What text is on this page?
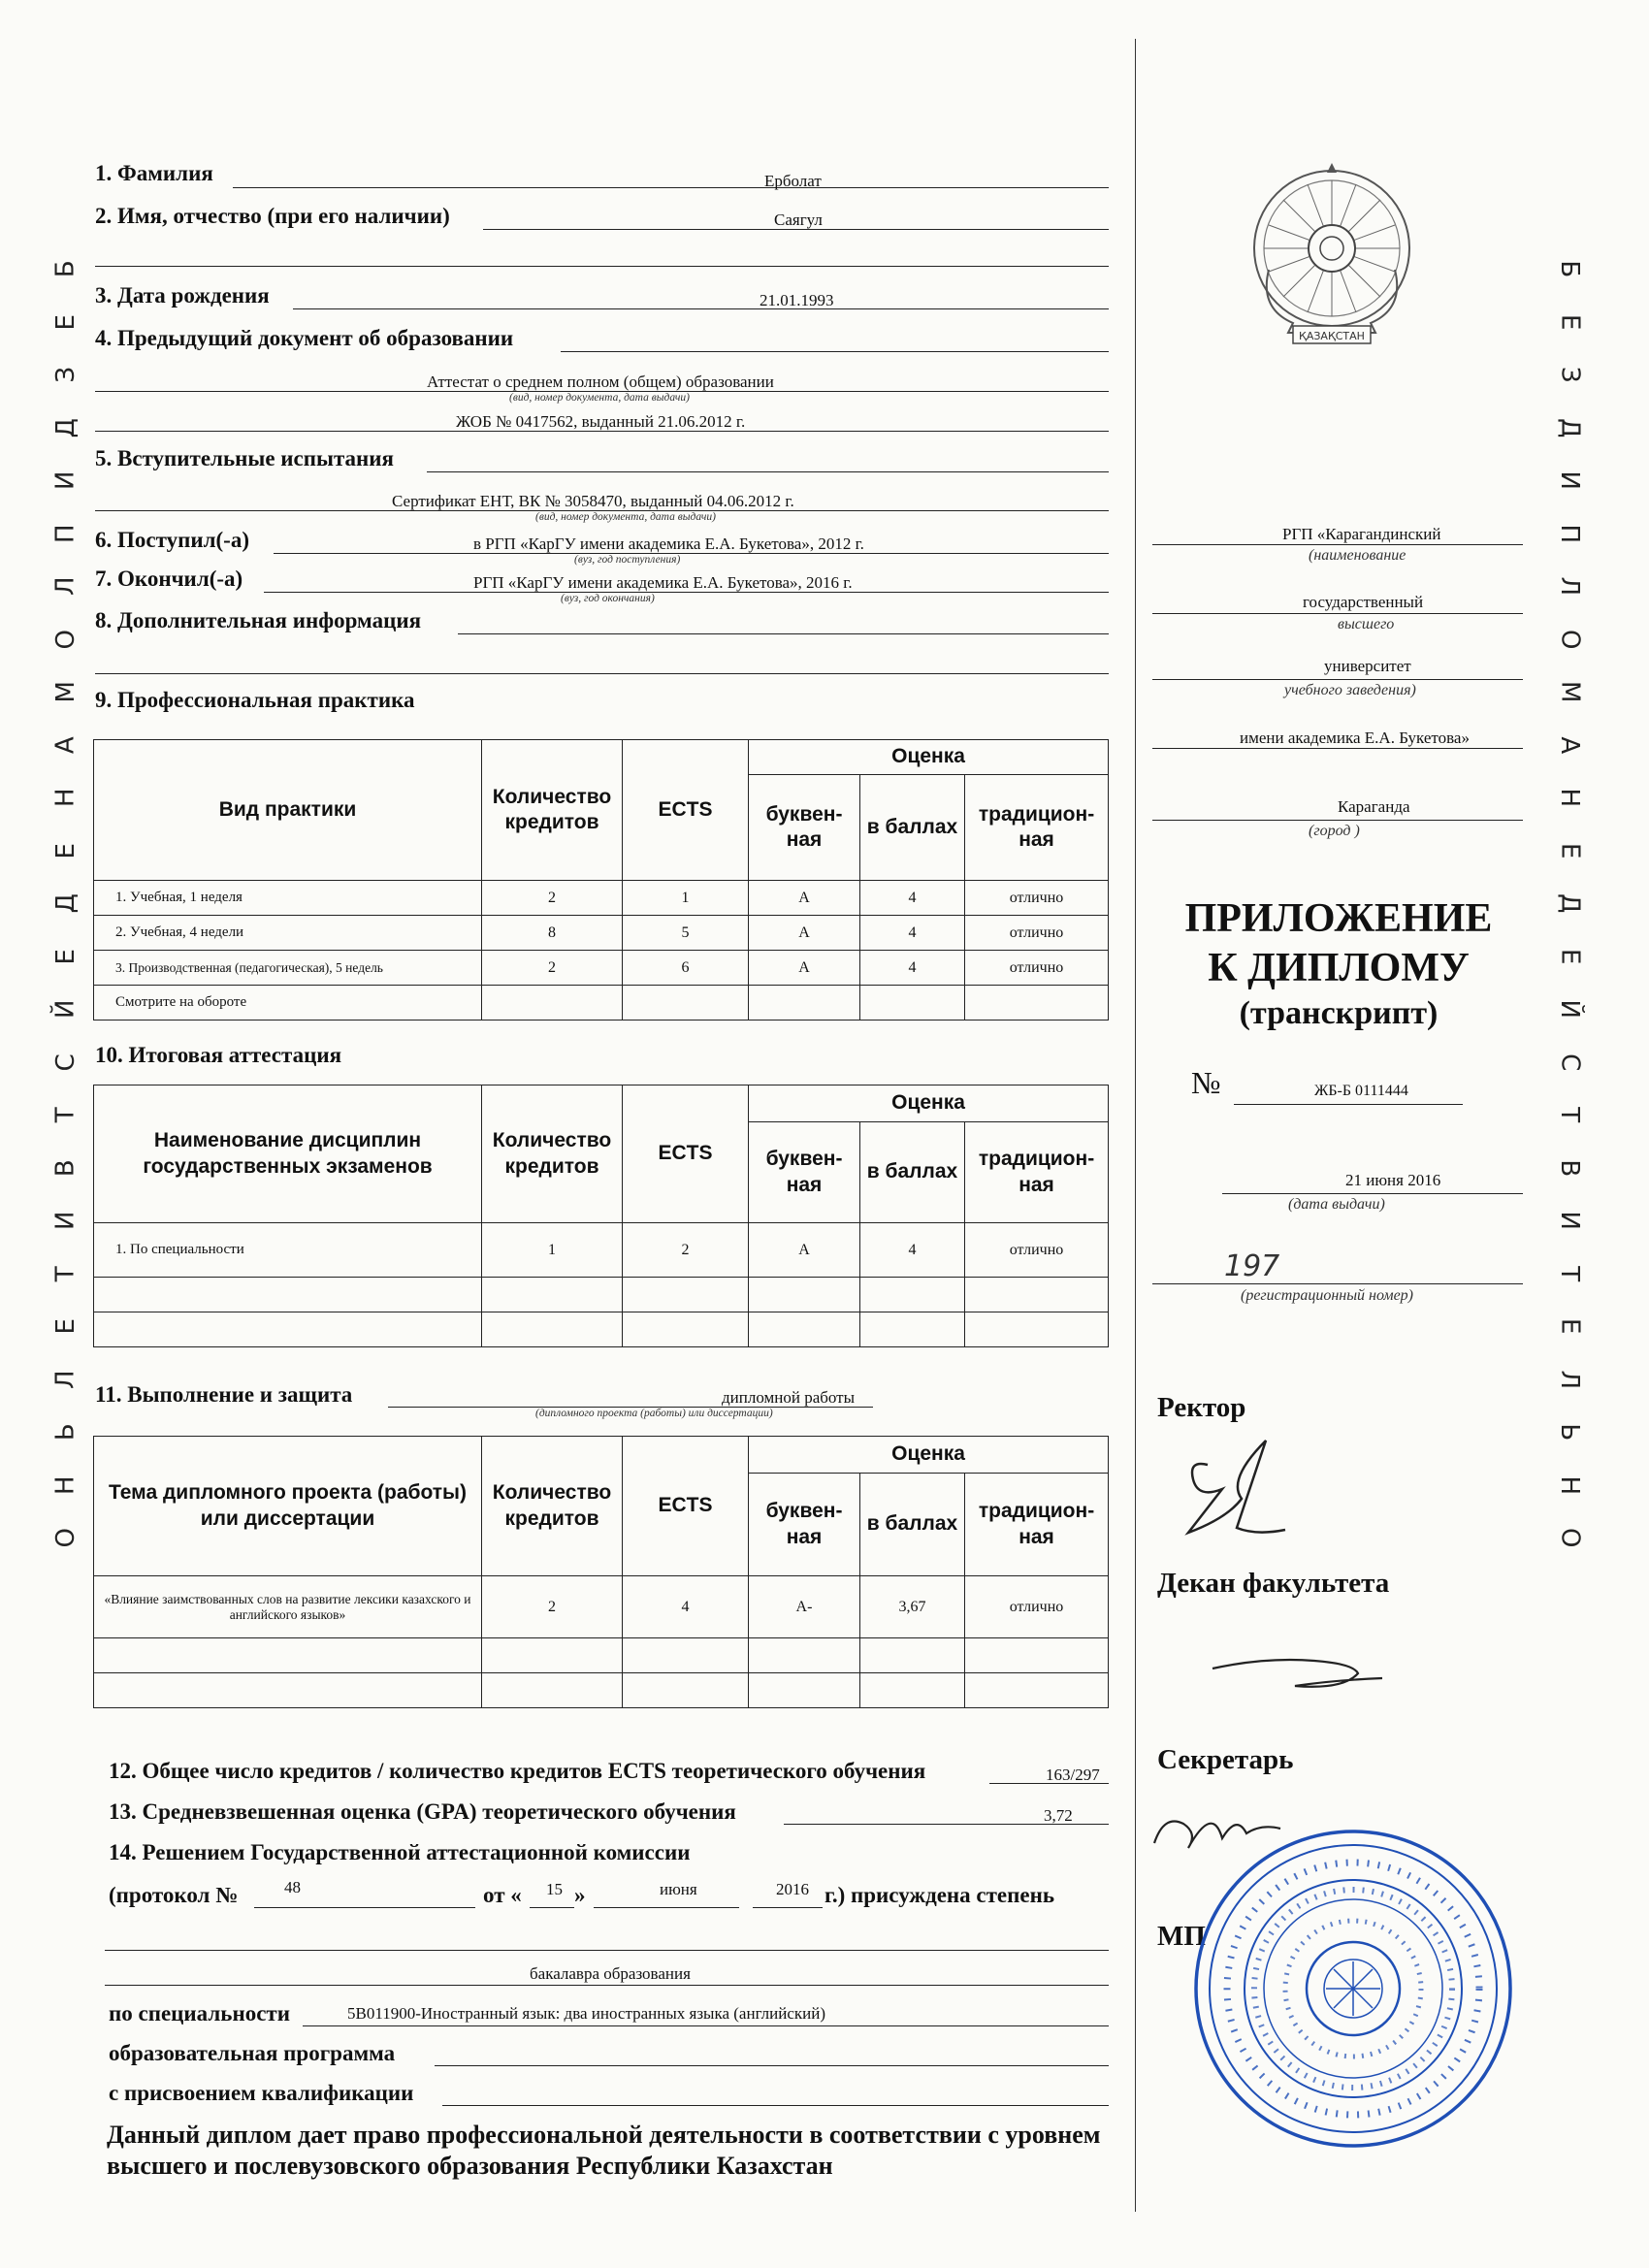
Б
Е
З
Д
И
П
Л
О
М
А
Н
Е
Д
Е
Й
С
Т
В
И
Т
Е
Л
Ь
Н
О
Б
Е
З
Д
И
П
Л
О
М
А
Н
Е
Д
Е
Й
С
Т
В
И
Т
Е
Л
Ь
Н
О
1. Фамилия	Ерболат
2. Имя, отчество (при его наличии)	Саягул
3. Дата рождения	21.01.1993
4. Предыдущий документ об образовании
Аттестат о среднем полном (общем) образовании
(вид, номер документа, дата выдачи)
ЖОБ № 0417562, выданный 21.06.2012 г.
5. Вступительные испытания
Сертификат ЕНТ, ВК № 3058470, выданный 04.06.2012 г.
(вид, номер документа, дата выдачи)
6. Поступил(-а)	в РГП «КарГУ имени академика Е.А. Букетова», 2012 г.
(вуз, год поступления)
7. Окончил(-а)	РГП «КарГУ имени академика Е.А. Букетова», 2016 г.
(вуз, год окончания)
8. Дополнительная информация
9. Профессиональная практика
Вид практики	Количество кредитов	ECTS	Оценка		
			буквен-ная	в баллах	традицион-ная
1. Учебная, 1 неделя	2	1	A	4	отлично
2. Учебная, 4 недели	8	5	A	4	отлично
3. Производственная (педагогическая), 5 недель	2	6	A	4	отлично
Смотрите на обороте					
10. Итоговая аттестация
Наименование дисциплин государственных экзаменов	Количество кредитов	ECTS	Оценка		
			буквен-ная	в баллах	традицион-ная
1. По специальности	1	2	A	4	отлично

11. Выполнение и защита	дипломной работы
(дипломного проекта (работы) или диссертации)
Тема дипломного проекта (работы) или диссертации	Количество кредитов	ECTS	Оценка		
			буквен-ная	в баллах	традицион-ная
«Влияние заимствованных слов на развитие лексики казахского и английского языков»	2	4	A-	3,67	отлично

12. Общее число кредитов / количество кредитов ECTS теоретического обучения	163/297
13. Средневзвешенная оценка (GPA) теоретического обучения	3,72
14. Решением Государственной аттестационной комиссии
(протокол №	48	от « 15 »	июня	2016 г.) присуждена степень
бакалавра образования
по специальности	5В011900-Иностранный язык: два иностранных языка (английский)
образовательная программа
с присвоением квалификации
Данный диплом дает право профессиональной деятельности в соответствии с уровнем высшего и послевузовского образования Республики Казахстан
ҚАЗАҚСТАН
РГП «Карагандинский
(наименование
государственный
высшего
университет
учебного заведения)
имени академика Е.А. Букетова»
Караганда
(город )
ПРИЛОЖЕНИЕ
К ДИПЛОМУ
(транскрипт)
№	ЖБ-Б 0111444
21 июня 2016
(дата выдачи)
197
(регистрационный номер)
Ректор
Декан факультета
Секретарь
МП
